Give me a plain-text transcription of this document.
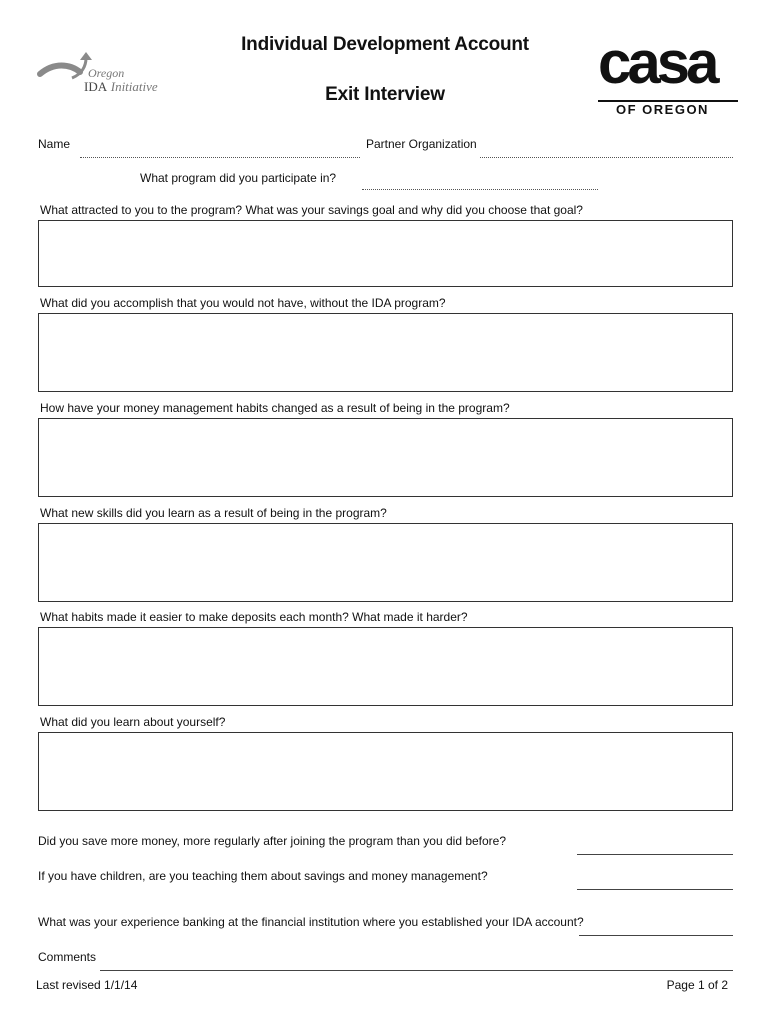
Oregon
IDA Initiative
Individual Development Account
Exit Interview	casa
OF OREGON
Name	Partner Organization
What program did you participate in?
What attracted to you to the program? What was your savings goal and why did you choose that goal?
What did you accomplish that you would not have, without the IDA program?
How have your money management habits changed as a result of being in the program?
What new skills did you learn as a result of being in the program?
What habits made it easier to make deposits each month? What made it harder?
What did you learn about yourself?
Did you save more money, more regularly after joining the program than you did before?
If you have children, are you teaching them about savings and money management?
What was your experience banking at the financial institution where you established your IDA account?
Comments
Last revised 1/1/14	Page 1 of 2
